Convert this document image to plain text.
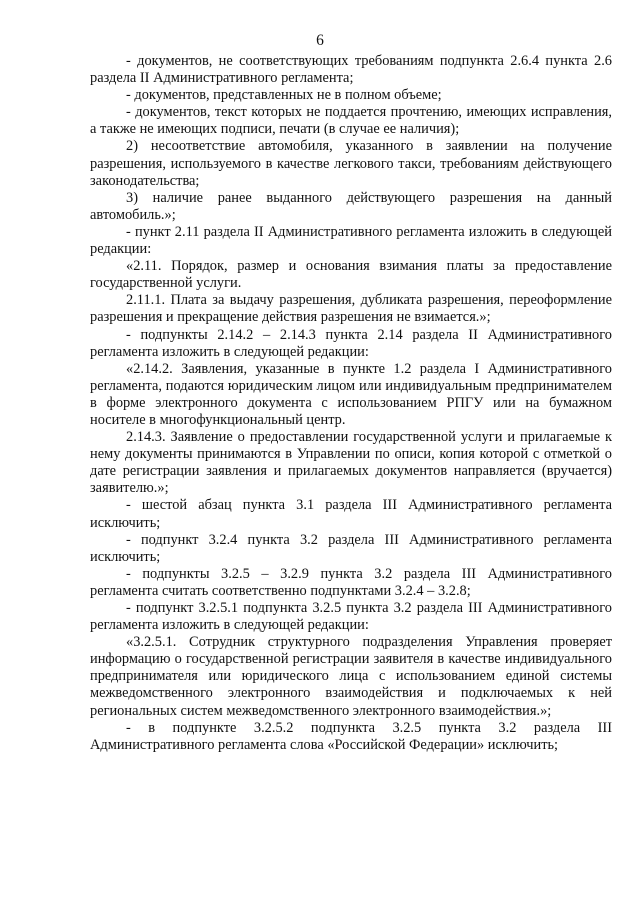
6

- документов, не соответствующих требованиям подпункта 2.6.4 пункта 2.6 раздела II Административного регламента;

- документов, представленных не в полном объеме;

- документов, текст которых не поддается прочтению, имеющих исправления, а также не имеющих подписи, печати (в случае ее наличия);

2) несоответствие автомобиля, указанного в заявлении на получение разрешения, используемого в качестве легкового такси, требованиям действующего законодательства;

3) наличие ранее выданного действующего разрешения на данный автомобиль.»;

- пункт 2.11 раздела II Административного регламента изложить в следующей редакции:

«2.11. Порядок, размер и основания взимания платы за предоставление государственной услуги.

2.11.1. Плата за выдачу разрешения, дубликата разрешения, переоформление разрешения и прекращение действия разрешения не взимается.»;

- подпункты 2.14.2 – 2.14.3 пункта 2.14 раздела II Административного регламента изложить в следующей редакции:

«2.14.2. Заявления, указанные в пункте 1.2 раздела I Административного регламента, подаются юридическим лицом или индивидуальным предпринимателем в форме электронного документа с использованием РПГУ или на бумажном носителе в многофункциональный центр.

2.14.3. Заявление о предоставлении государственной услуги и прилагаемые к нему документы принимаются в Управлении по описи, копия которой с отметкой о дате регистрации заявления и прилагаемых документов направляется (вручается) заявителю.»;

- шестой абзац пункта 3.1 раздела III Административного регламента исключить;

- подпункт 3.2.4 пункта 3.2 раздела III Административного регламента исключить;

- подпункты 3.2.5 – 3.2.9 пункта 3.2 раздела III Административного регламента считать соответственно подпунктами 3.2.4 – 3.2.8;

- подпункт 3.2.5.1 подпункта 3.2.5 пункта 3.2 раздела III Административного регламента изложить в следующей редакции:

«3.2.5.1. Сотрудник структурного подразделения Управления проверяет информацию о государственной регистрации заявителя в качестве индивидуального предпринимателя или юридического лица с использованием единой системы межведомственного электронного взаимодействия и подключаемых к ней региональных систем межведомственного электронного взаимодействия.»;

- в подпункте 3.2.5.2 подпункта 3.2.5 пункта 3.2 раздела III Административного регламента слова «Российской Федерации» исключить;
